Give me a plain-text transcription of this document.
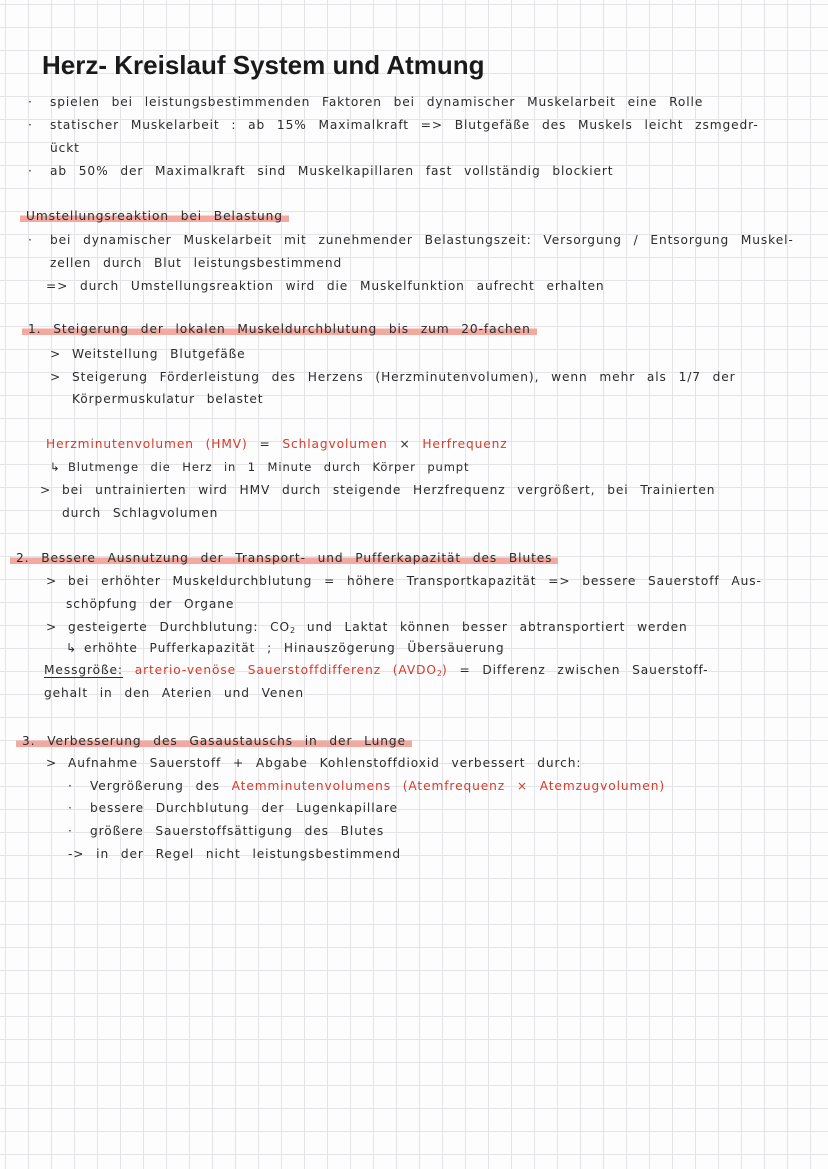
Herz- Kreislauf System und Atmung
· spielen bei leistungsbestimmenden Faktoren bei dynamischer Muskelarbeit eine Rolle
· statischer Muskelarbeit : ab 15% Maximalkraft => Blutgefäße des Muskels leicht zsmgedr-
ückt
· ab 50% der Maximalkraft sind Muskelkapillaren fast vollständig blockiert
Umstellungsreaktion bei Belastung
· bei dynamischer Muskelarbeit mit zunehmender Belastungszeit: Versorgung / Entsorgung Muskel-
zellen durch Blut leistungsbestimmend
=> durch Umstellungsreaktion wird die Muskelfunktion aufrecht erhalten
1. Steigerung der lokalen Muskeldurchblutung bis zum 20-fachen
> Weitstellung Blutgefäße
> Steigerung Förderleistung des Herzens (Herzminutenvolumen), wenn mehr als 1/7 der
Körpermuskulatur belastet
Herzminutenvolumen (HMV) = Schlagvolumen × Herfrequenz
↳ Blutmenge die Herz in 1 Minute durch Körper pumpt
> bei untrainierten wird HMV durch steigende Herzfrequenz vergrößert, bei Trainierten
durch Schlagvolumen
2. Bessere Ausnutzung der Transport- und Pufferkapazität des Blutes
> bei erhöhter Muskeldurchblutung = höhere Transportkapazität => bessere Sauerstoff Aus-
schöpfung der Organe
> gesteigerte Durchblutung: $CO_2$ und Laktat können besser abtransportiert werden
↳ erhöhte Pufferkapazität ; Hinauszögerung Übersäuerung
Messgröße: arterio-venöse Sauerstoffdifferenz $(AVDO_2)$ = Differenz zwischen Sauerstoff-
gehalt in den Aterien und Venen
3. Verbesserung des Gasaustauschs in der Lunge
> Aufnahme Sauerstoff + Abgabe Kohlenstoffdioxid verbessert durch:
· Vergrößerung des Atemminutenvolumens (Atemfrequenz × Atemzugvolumen)
· bessere Durchblutung der Lugenkapillare
· größere Sauerstoffsättigung des Blutes
-> in der Regel nicht leistungsbestimmend
